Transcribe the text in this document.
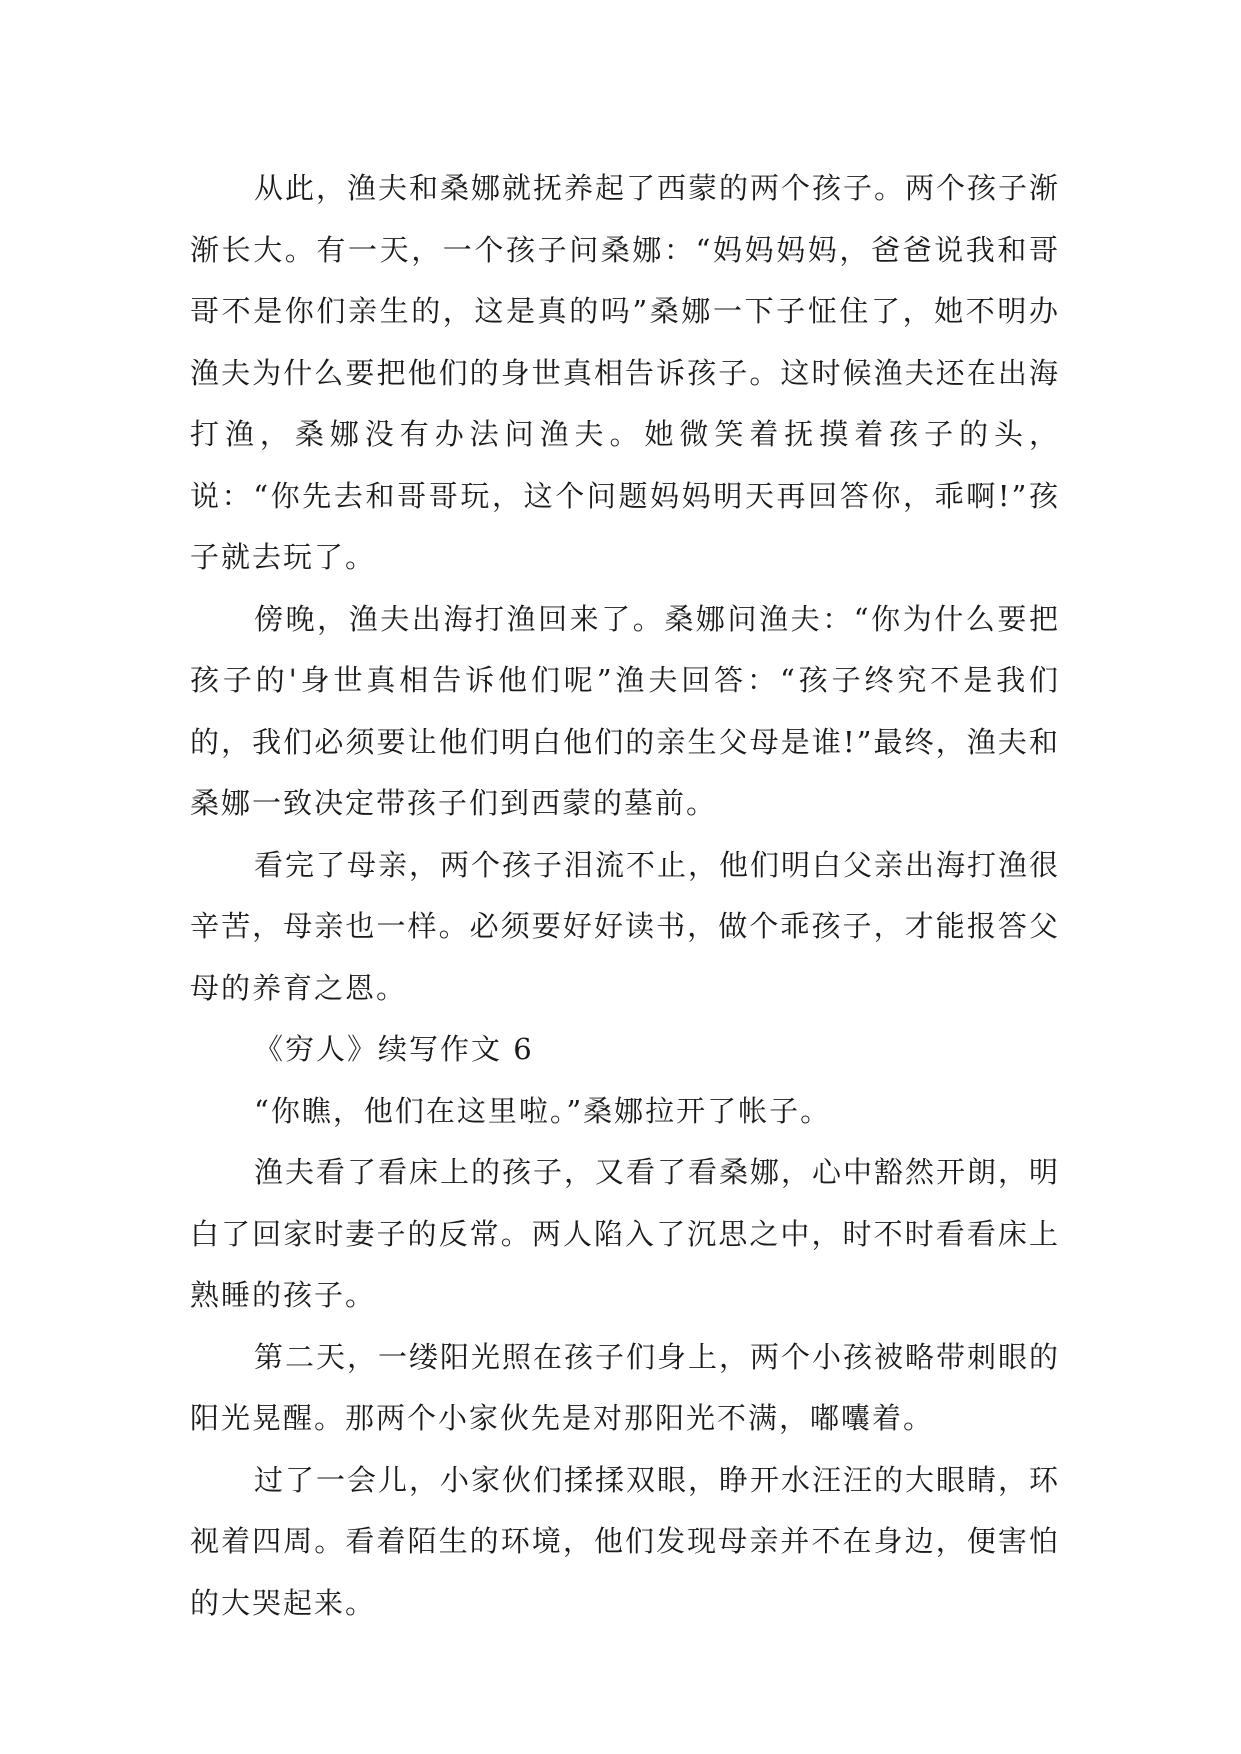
从此，渔夫和桑娜就抚养起了西蒙的两个孩子。两个孩子渐渐长大。有一天，一个孩子问桑娜：“妈妈妈妈，爸爸说我和哥哥不是你们亲生的，这是真的吗”桑娜一下子怔住了，她不明办渔夫为什么要把他们的身世真相告诉孩子。这时候渔夫还在出海打渔，桑娜没有办法问渔夫。她微笑着抚摸着孩子的头，说：“你先去和哥哥玩，这个问题妈妈明天再回答你，乖啊!”孩子就去玩了。

傍晚，渔夫出海打渔回来了。桑娜问渔夫：“你为什么要把孩子的'身世真相告诉他们呢”渔夫回答：“孩子终究不是我们的，我们必须要让他们明白他们的亲生父母是谁!”最终，渔夫和桑娜一致决定带孩子们到西蒙的墓前。

看完了母亲，两个孩子泪流不止，他们明白父亲出海打渔很辛苦，母亲也一样。必须要好好读书，做个乖孩子，才能报答父母的养育之恩。

《穷人》续写作文 6

“你瞧，他们在这里啦。”桑娜拉开了帐子。

渔夫看了看床上的孩子，又看了看桑娜，心中豁然开朗，明白了回家时妻子的反常。两人陷入了沉思之中，时不时看看床上熟睡的孩子。

第二天，一缕阳光照在孩子们身上，两个小孩被略带刺眼的阳光晃醒。那两个小家伙先是对那阳光不满，嘟囔着。

过了一会儿，小家伙们揉揉双眼，睁开水汪汪的大眼睛，环视着四周。看着陌生的环境，他们发现母亲并不在身边，便害怕的大哭起来。
